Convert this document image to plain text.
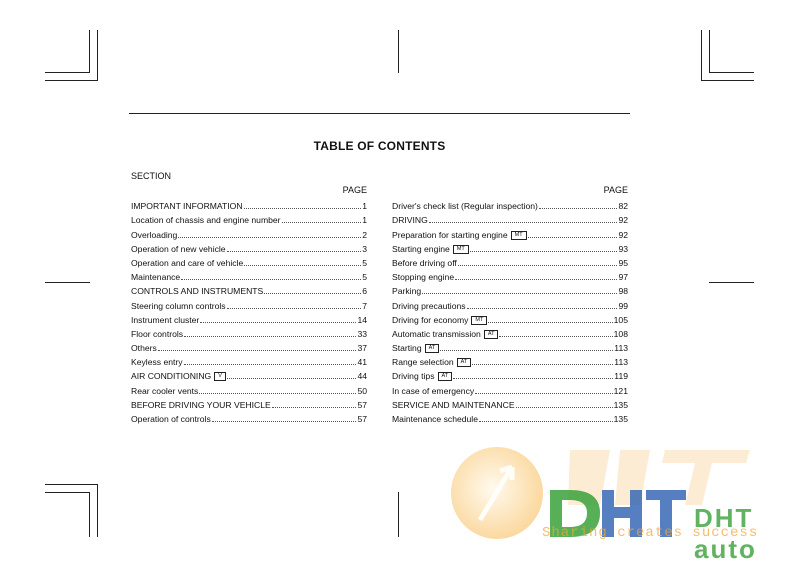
TABLE OF CONTENTS
SECTION
PAGE
IMPORTANT INFORMATION	1
Location of chassis and engine number	1
Overloading	2
Operation of new vehicle	3
Operation and care of vehicle	5
Maintenance	5
CONTROLS AND INSTRUMENTS	6
Steering column controls	7
Instrument cluster	14
Floor controls	33
Others	37
Keyless entry	41
AIR CONDITIONING	V	44
Rear cooler vents	50
BEFORE DRIVING YOUR VEHICLE	57
Operation of controls	57
PAGE
Driver's check list (Regular inspection)	82
DRIVING	92
Preparation for starting engine	MT	92
Starting engine	MT	93
Before driving off	95
Stopping engine	97
Parking	98
Driving precautions	99
Driving for economy	MT	105
Automatic transmission	AT	108
Starting	AT	113
Range selection	AT	113
Driving tips	AT	119
In case of emergency	121
SERVICE AND MAINTENANCE	135
Maintenance schedule	135
DHT auto
Sharing creates success
